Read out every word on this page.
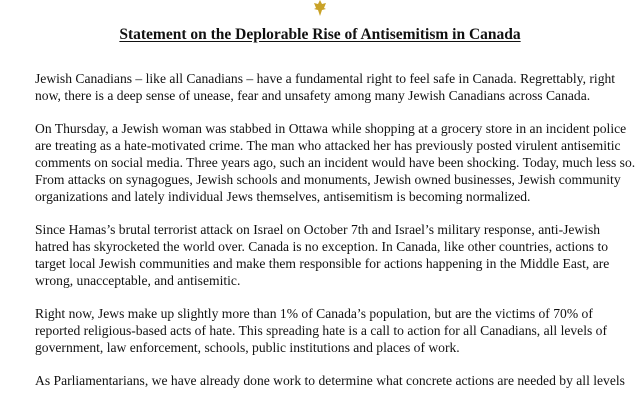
Statement on the Deplorable Rise of Antisemitism in Canada

Jewish Canadians – like all Canadians – have a fundamental right to feel safe in Canada. Regrettably, right
now, there is a deep sense of unease, fear and unsafety among many Jewish Canadians across Canada.

On Thursday, a Jewish woman was stabbed in Ottawa while shopping at a grocery store in an incident police
are treating as a hate-motivated crime. The man who attacked her has previously posted virulent antisemitic
comments on social media. Three years ago, such an incident would have been shocking. Today, much less so.
From attacks on synagogues, Jewish schools and monuments, Jewish owned businesses, Jewish community
organizations and lately individual Jews themselves, antisemitism is becoming normalized.

Since Hamas’s brutal terrorist attack on Israel on October 7th and Israel’s military response, anti-Jewish
hatred has skyrocketed the world over. Canada is no exception. In Canada, like other countries, actions to
target local Jewish communities and make them responsible for actions happening in the Middle East, are
wrong, unacceptable, and antisemitic.

Right now, Jews make up slightly more than 1% of Canada’s population, but are the victims of 70% of
reported religious-based acts of hate. This spreading hate is a call to action for all Canadians, all levels of
government, law enforcement, schools, public institutions and places of work.

As Parliamentarians, we have already done work to determine what concrete actions are needed by all levels
